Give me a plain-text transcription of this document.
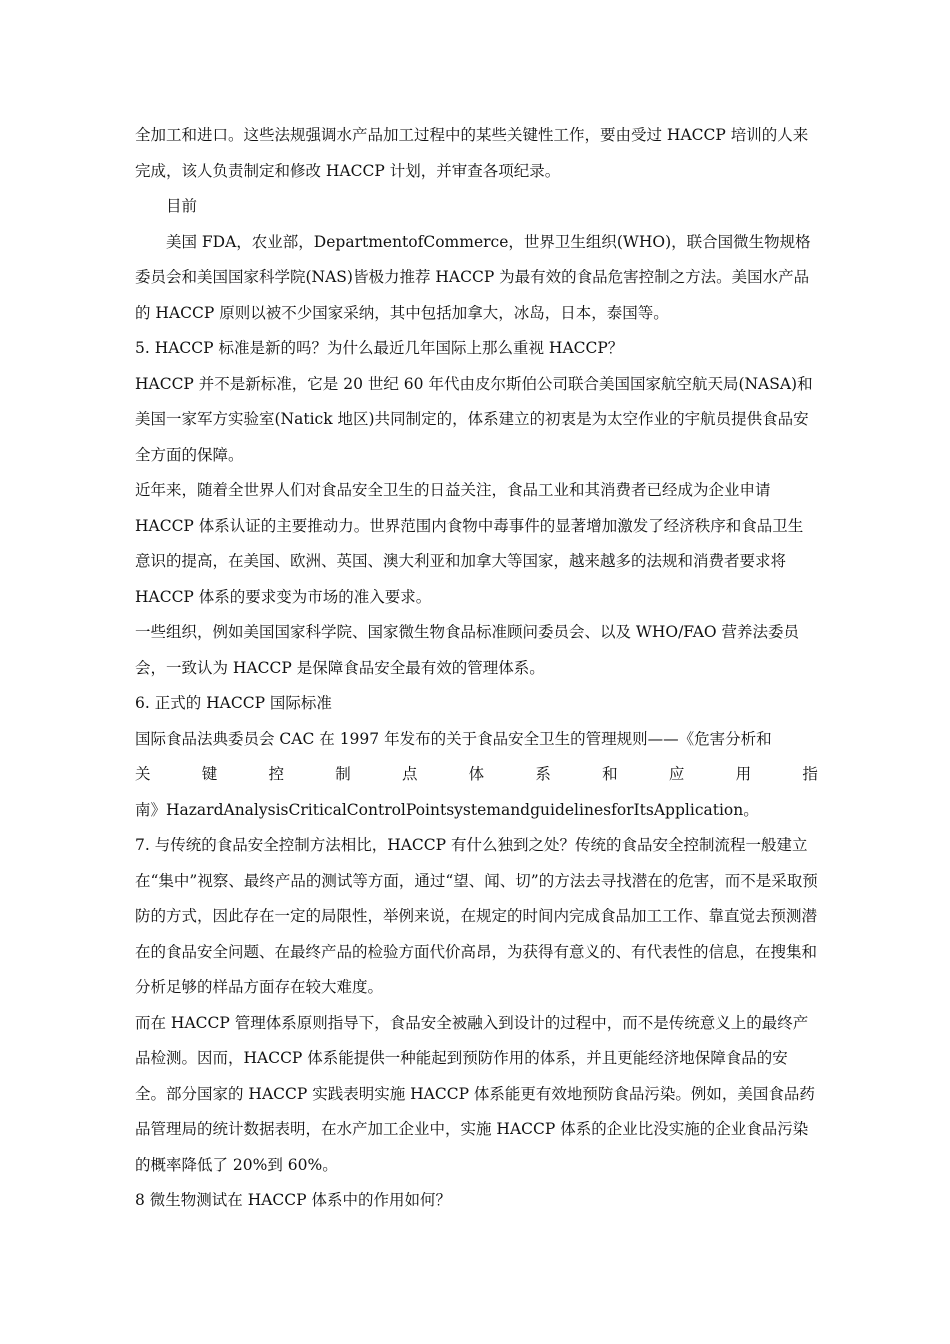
全加工和进口。这些法规强调水产品加工过程中的某些关键性工作，要由受过 HACCP 培训的人来完成，该人负责制定和修改 HACCP 计划，并审查各项纪录。

目前

美国 FDA，农业部，DepartmentofCommerce，世界卫生组织(WHO)，联合国微生物规格委员会和美国国家科学院(NAS)皆极力推荐 HACCP 为最有效的食品危害控制之方法。美国水产品的 HACCP 原则以被不少国家采纳，其中包括加拿大，冰岛，日本，泰国等。

5. HACCP 标准是新的吗？为什么最近几年国际上那么重视 HACCP？

HACCP 并不是新标准，它是 20 世纪 60 年代由皮尔斯伯公司联合美国国家航空航天局(NASA)和美国一家军方实验室(Natick 地区)共同制定的，体系建立的初衷是为太空作业的宇航员提供食品安全方面的保障。

近年来，随着全世界人们对食品安全卫生的日益关注，食品工业和其消费者已经成为企业申请 HACCP 体系认证的主要推动力。世界范围内食物中毒事件的显著增加激发了经济秩序和食品卫生意识的提高，在美国、欧洲、英国、澳大利亚和加拿大等国家，越来越多的法规和消费者要求将 HACCP 体系的要求变为市场的准入要求。

一些组织，例如美国国家科学院、国家微生物食品标准顾问委员会、以及 WHO/FAO 营养法委员会，一致认为 HACCP 是保障食品安全最有效的管理体系。

6. 正式的 HACCP 国际标准

国际食品法典委员会 CAC 在 1997 年发布的关于食品安全卫生的管理规则——《危害分析和

关	键	控	制	点	体	系	和	应	用	指

南》HazardAnalysisCriticalControlPointsystemandguidelinesforItsApplication。

7. 与传统的食品安全控制方法相比，HACCP 有什么独到之处？传统的食品安全控制流程一般建立在“集中”视察、最终产品的测试等方面，通过“望、闻、切”的方法去寻找潜在的危害，而不是采取预防的方式，因此存在一定的局限性，举例来说，在规定的时间内完成食品加工工作、靠直觉去预测潜在的食品安全问题、在最终产品的检验方面代价高昂，为获得有意义的、有代表性的信息，在搜集和分析足够的样品方面存在较大难度。

而在 HACCP 管理体系原则指导下，食品安全被融入到设计的过程中，而不是传统意义上的最终产品检测。因而，HACCP 体系能提供一种能起到预防作用的体系，并且更能经济地保障食品的安全。部分国家的 HACCP 实践表明实施 HACCP 体系能更有效地预防食品污染。例如，美国食品药品管理局的统计数据表明，在水产加工企业中，实施 HACCP 体系的企业比没实施的企业食品污染的概率降低了 20%到 60%。

8 微生物测试在 HACCP 体系中的作用如何？
